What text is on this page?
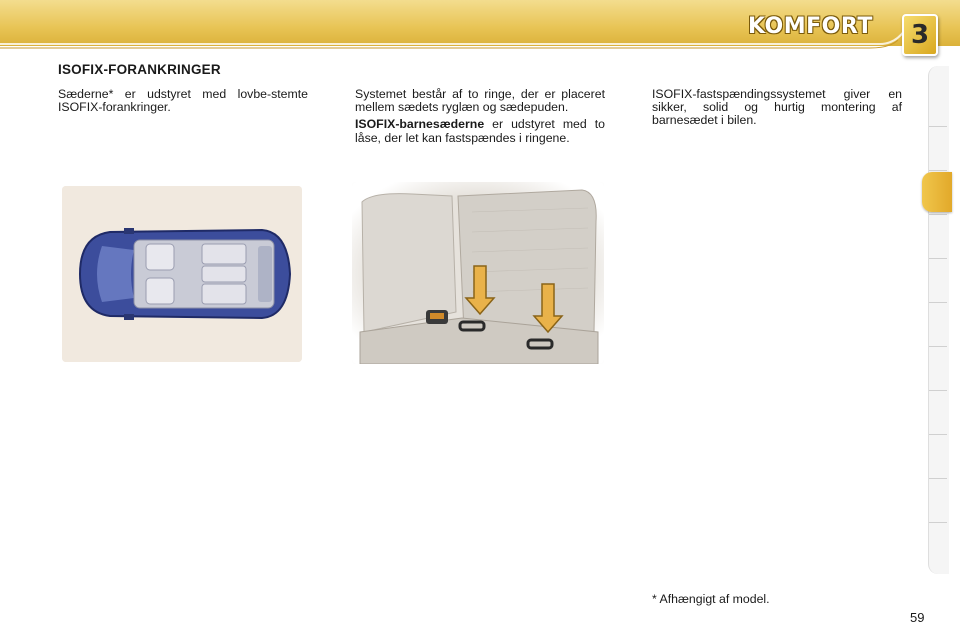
KOMFORT	3
ISOFIX-FORANKRINGER

Sæderne* er udstyret med lovbe-stemte ISOFIX-forankringer.

Systemet består af to ringe, der er placeret mellem sædets ryglæn og sædepuden.

ISOFIX-barnesæderne er udstyret med to låse, der let kan fastspændes i ringene.

ISOFIX-fastspændingssystemet giver en sikker, solid og hurtig montering af barnesædet i bilen.

* Afhængigt af model.
59
